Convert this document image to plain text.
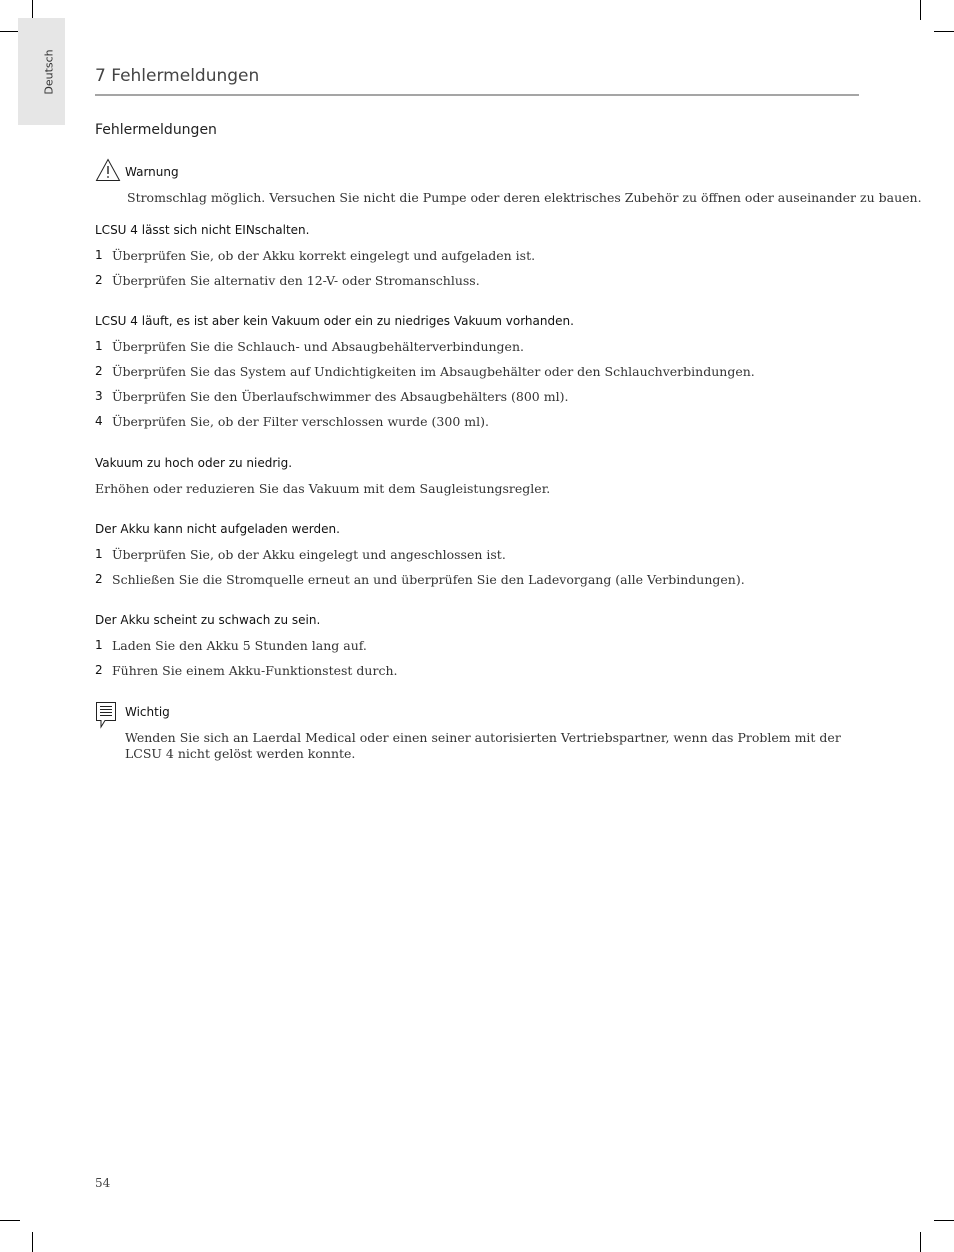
Deutsch 7 Fehlermeldungen
Fehlermeldungen
Warnung
Stromschlag möglich. Versuchen Sie nicht die Pumpe oder deren elektrisches Zubehör zu öffnen oder auseinander zu bauen.
LCSU 4 lässt sich nicht EINschalten.
1 Überprüfen Sie, ob der Akku korrekt eingelegt und aufgeladen ist.
2 Überprüfen Sie alternativ den 12-V- oder Stromanschluss.
LCSU 4 läuft, es ist aber kein Vakuum oder ein zu niedriges Vakuum vorhanden.
1 Überprüfen Sie die Schlauch- und Absaugbehälterverbindungen.
2 Überprüfen Sie das System auf Undichtigkeiten im Absaugbehälter oder den Schlauchverbindungen.
3 Überprüfen Sie den Überlaufschwimmer des Absaugbehälters (800 ml).
4 Überprüfen Sie, ob der Filter verschlossen wurde (300 ml).
Vakuum zu hoch oder zu niedrig.
Erhöhen oder reduzieren Sie das Vakuum mit dem Saugleistungsregler.
Der Akku kann nicht aufgeladen werden.
1 Überprüfen Sie, ob der Akku eingelegt und angeschlossen ist.
2 Schließen Sie die Stromquelle erneut an und überprüfen Sie den Ladevorgang (alle Verbindungen).
Der Akku scheint zu schwach zu sein.
1 Laden Sie den Akku 5 Stunden lang auf.
2 Führen Sie einem Akku-Funktionstest durch.
Wichtig
Wenden Sie sich an Laerdal Medical oder einen seiner autorisierten Vertriebspartner, wenn das Problem mit der LCSU 4 nicht gelöst werden konnte.
54
